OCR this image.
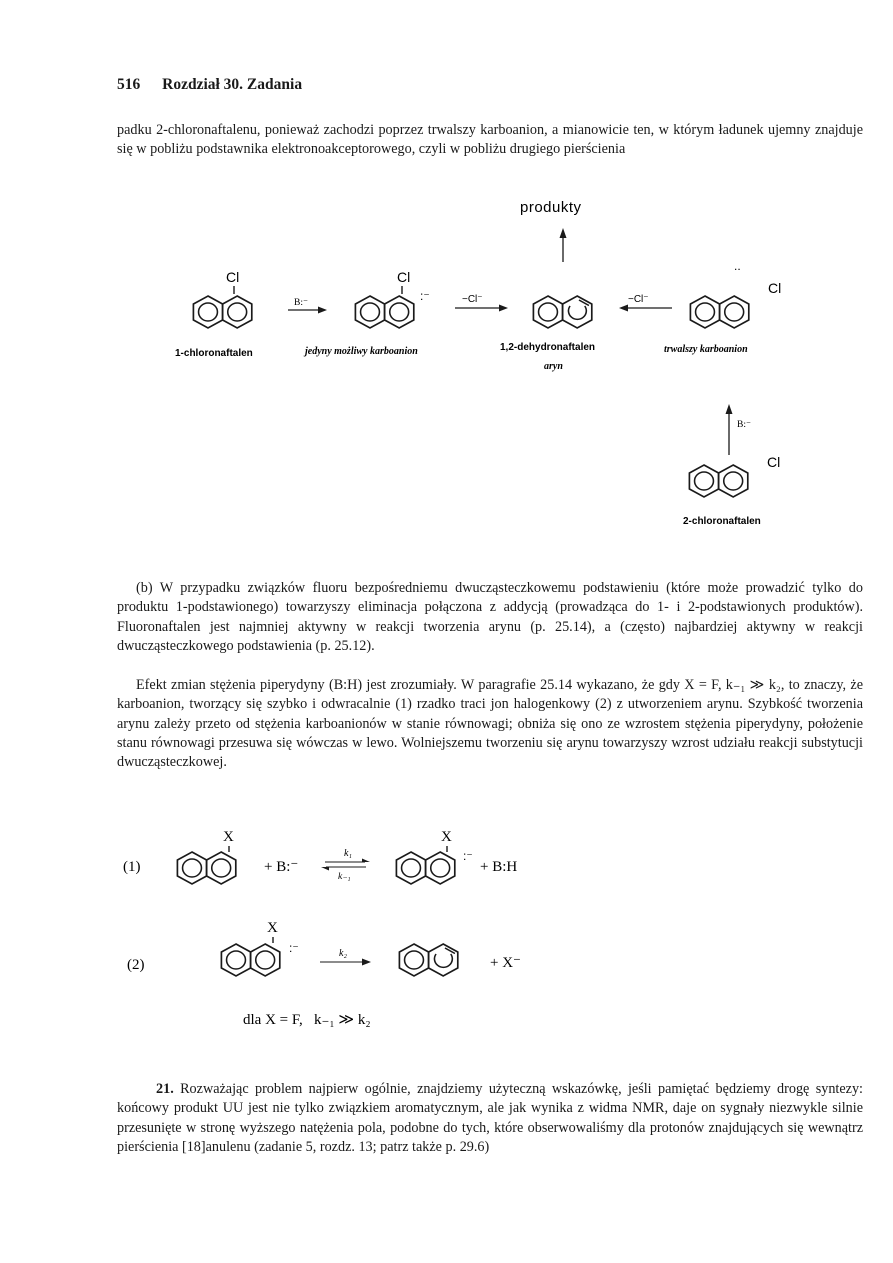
516 Rozdział 30. Zadania
padku 2-chloronaftalenu, ponieważ zachodzi poprzez trwalszy karboanion, a mianowicie ten, w którym ładunek ujemny znajduje się w pobliżu podstawnika elektronoakceptorowego, czyli w pobliżu drugiego pierścienia
produkty
Cl
B:⁻
Cl
:⁻	−Cl⁻	−Cl⁻
..
Cl
1-chloronaftalen	jedyny możliwy karboanion	1,2-dehydronaftalen
aryn
trwalszy karboanion
B:⁻
Cl
2-chloronaftalen
(b) W przypadku związków fluoru bezpośredniemu dwucząsteczkowemu podstawieniu (które może prowadzić tylko do produktu 1-podstawionego) towarzyszy eliminacja połączona z addycją (prowadząca do 1- i 2-podstawionych produktów). Fluoronaftalen jest najmniej aktywny w reakcji tworzenia arynu (p. 25.14), a (często) najbardziej aktywny w reakcji dwucząsteczkowego podstawienia (p. 25.12).
Efekt zmian stężenia piperydyny (B:H) jest zrozumiały. W paragrafie 25.14 wykazano, że gdy X = F, k₋₁ ≫ k₂, to znaczy, że karboanion, tworzący się szybko i odwracalnie (1) rzadko traci jon halogenkowy (2) z utworzeniem arynu. Szybkość tworzenia arynu zależy przeto od stężenia karboanionów w stanie równowagi; obniża się ono ze wzrostem stężenia piperydyny, położenie stanu równowagi przesuwa się wówczas w lewo. Wolniejszemu tworzeniu się arynu towarzyszy wzrost udziału reakcji substytucji dwucząsteczkowej.
(1)
X
+ B:⁻
k₁
k₋₁
X
:⁻
+ B:H
(2)
X
:⁻	k₂
+ X⁻
dla X = F,   k₋₁ ≫ k₂
21. Rozważając problem najpierw ogólnie, znajdziemy użyteczną wskazówkę, jeśli pamiętać będziemy drogę syntezy: końcowy produkt UU jest nie tylko związkiem aromatycznym, ale jak wynika z widma NMR, daje on sygnały niezwykle silnie przesunięte w stronę wyższego natężenia pola, podobne do tych, które obserwowaliśmy dla protonów znajdujących się wewnątrz pierścienia [18]anulenu (zadanie 5, rozdz. 13; patrz także p. 29.6)
